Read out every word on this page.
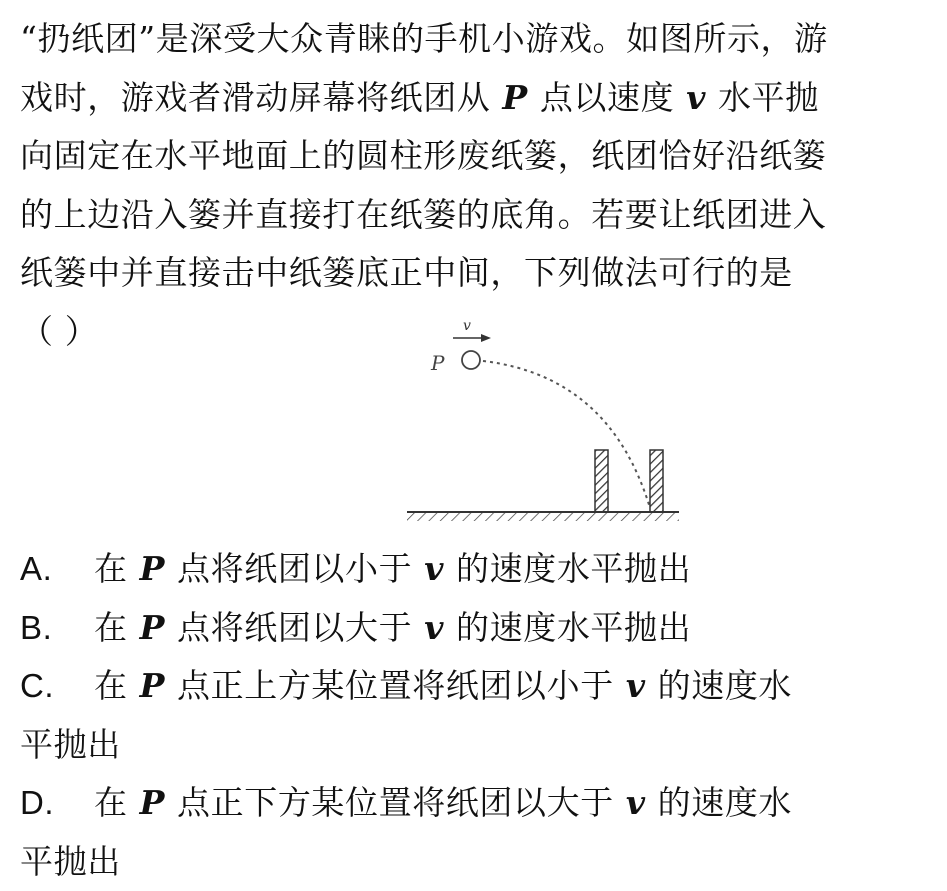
“扔纸团”是深受大众青睐的手机小游戏。如图所示，游
戏时，游戏者滑动屏幕将纸团从 P 点以速度 v 水平抛
向固定在水平地面上的圆柱形废纸篓，纸团恰好沿纸篓
的上边沿入篓并直接打在纸篓的底角。若要让纸团进入
纸篓中并直接击中纸篓底正中间，下列做法可行的是
（ ）	v
P
A. 在 P 点将纸团以小于 v 的速度水平抛出
B. 在 P 点将纸团以大于 v 的速度水平抛出
C. 在 P 点正上方某位置将纸团以小于 v 的速度水
平抛出
D. 在 P 点正下方某位置将纸团以大于 v 的速度水
平抛出
